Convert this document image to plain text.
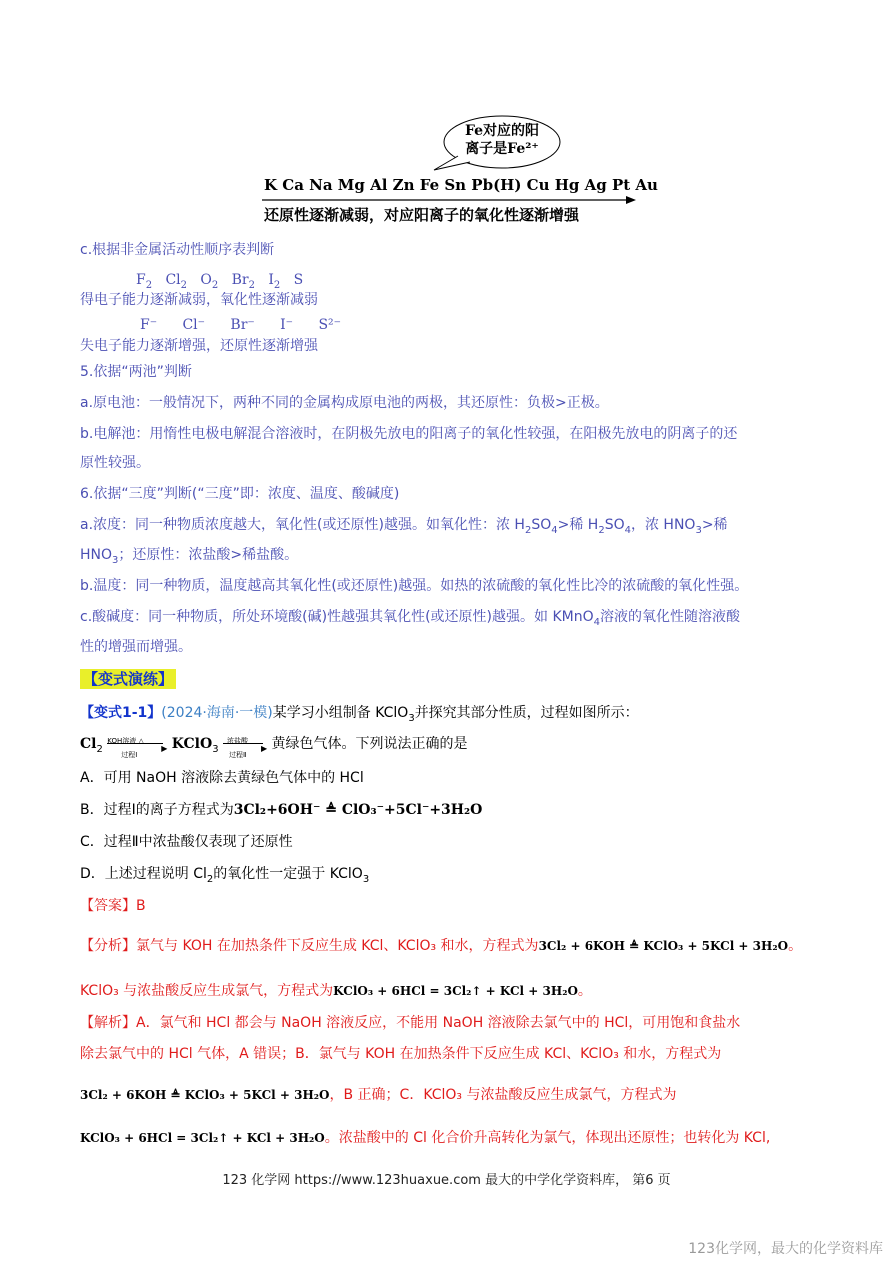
Fe对应的阳
离子是Fe²⁺
K Ca Na Mg Al Zn Fe Sn Pb(H) Cu Hg Ag Pt Au
还原性逐渐减弱，对应阳离子的氧化性逐渐增强
c.根据非金属活动性顺序表判断
$F_2$ $Cl_2$ $O_2$ $Br_2$ $I_2$ S
得电子能力逐渐减弱，氧化性逐渐减弱
F⁻ Cl⁻ Br⁻ I⁻ S²⁻
失电子能力逐渐增强，还原性逐渐增强
5.依据“两池”判断
a.原电池：一般情况下，两种不同的金属构成原电池的两极，其还原性：负极>正极。
b.电解池：用惰性电极电解混合溶液时，在阴极先放电的阳离子的氧化性较强，在阳极先放电的阴离子的还
原性较强。
6.依据“三度”判断(“三度”即：浓度、温度、酸碱度)
a.浓度：同一种物质浓度越大，氧化性(或还原性)越强。如氧化性：浓 $H_2SO_4>$稀 $H_2SO_4$，浓 $HNO_3>$稀
$HNO_3$；还原性：浓盐酸>稀盐酸。
b.温度：同一种物质，温度越高其氧化性(或还原性)越强。如热的浓硫酸的氧化性比冷的浓硫酸的氧化性强。
c.酸碱度：同一种物质，所处环境酸(碱)性越强其氧化性(或还原性)越强。如 KMnO$_4$溶液的氧化性随溶液酸
性的增强而增强。
【变式演练】
【变式1-1】(2024·海南·一模)某学习小组制备 KClO$_3$并探究其部分性质，过程如图所示：
$Cl_2$
KOH溶液 △
▶
过程Ⅰ
KClO$_3$
浓盐酸
▶
过程Ⅱ
黄绿色气体。下列说法正确的是
A．可用 NaOH 溶液除去黄绿色气体中的 HCl
B．过程Ⅰ的离子方程式为3Cl₂+6OH⁻ ≜ ClO₃⁻+5Cl⁻+3H₂O
C．过程Ⅱ中浓盐酸仅表现了还原性
D．上述过程说明 $Cl_2$的氧化性一定强于 KClO$_3$
【答案】B
【分析】氯气与 KOH 在加热条件下反应生成 KCl、KClO₃ 和水，方程式为3Cl₂ + 6KOH ≜ KClO₃ + 5KCl + 3H₂O。
KClO₃ 与浓盐酸反应生成氯气，方程式为KClO₃ + 6HCl = 3Cl₂↑ + KCl + 3H₂O。
【解析】A．氯气和 HCl 都会与 NaOH 溶液反应，不能用 NaOH 溶液除去氯气中的 HCl，可用饱和食盐水
除去氯气中的 HCl 气体，A 错误；B．氯气与 KOH 在加热条件下反应生成 KCl、KClO₃ 和水，方程式为
3Cl₂ + 6KOH ≜ KClO₃ + 5KCl + 3H₂O，B 正确；C．KClO₃ 与浓盐酸反应生成氯气，方程式为
KClO₃ + 6HCl = 3Cl₂↑ + KCl + 3H₂O。浓盐酸中的 Cl 化合价升高转化为氯气，体现出还原性；也转化为 KCl,
123 化学网 https://www.123huaxue.com 最大的中学化学资料库， 第6 页
123化学网，最大的化学资料库
